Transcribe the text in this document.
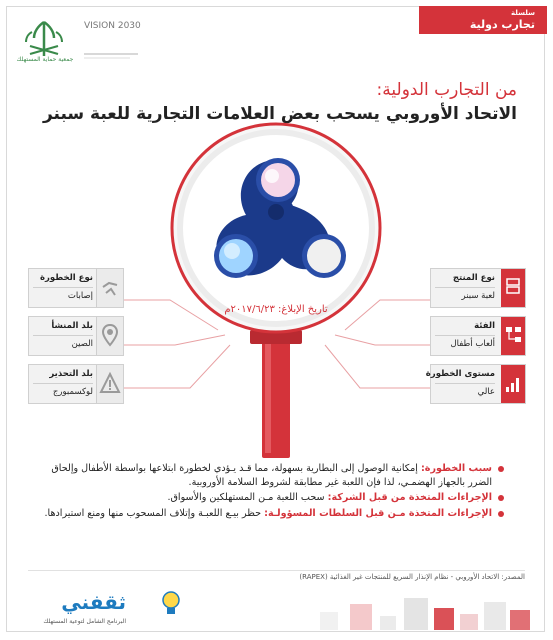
سلسلة
تجارب دولية
جمعية حماية المستهلك
VISION 2030
من التجارب الدولية:
الاتحاد الأوروبي يسحب بعض العلامات التجارية للعبة سبنر
تاريخ الإبلاغ: ٢٠١٧/٦/٢٣م
نوع الخطورة
إصابات
بلد المنشأ
الصين
بلد التحذير
لوكسمبورج
نوع المنتج
لعبة سبنر
الفئة
ألعاب أطفال
مستوى الخطورة
عالي
سبب الخطورة: إمكانية الوصول إلى البطارية بسهولة، مما قـد يـؤدي لخطورة ابتلاعها بواسطة الأطفال وإلحاق الضرر بالجهاز الهضمـي، لذا فإن اللعبة غير مطابقة لشروط السلامة الأوروبية.
الإجراءات المتخذة من قبل الشركة: سحب اللعبة مـن المستهلكين والأسواق.
الإجراءات المتخذة مـن قبل السلطات المسؤولـة: حظر بيـع اللعبـة وإتلاف المسحوب منها ومنع استيرادها.
المصدر: الاتحاد الأوروبي - نظام الإنذار السريع للمنتجات غير الغذائية (RAPEX)
ثقفني
البرنامج الشامل لتوعية المستهلك
